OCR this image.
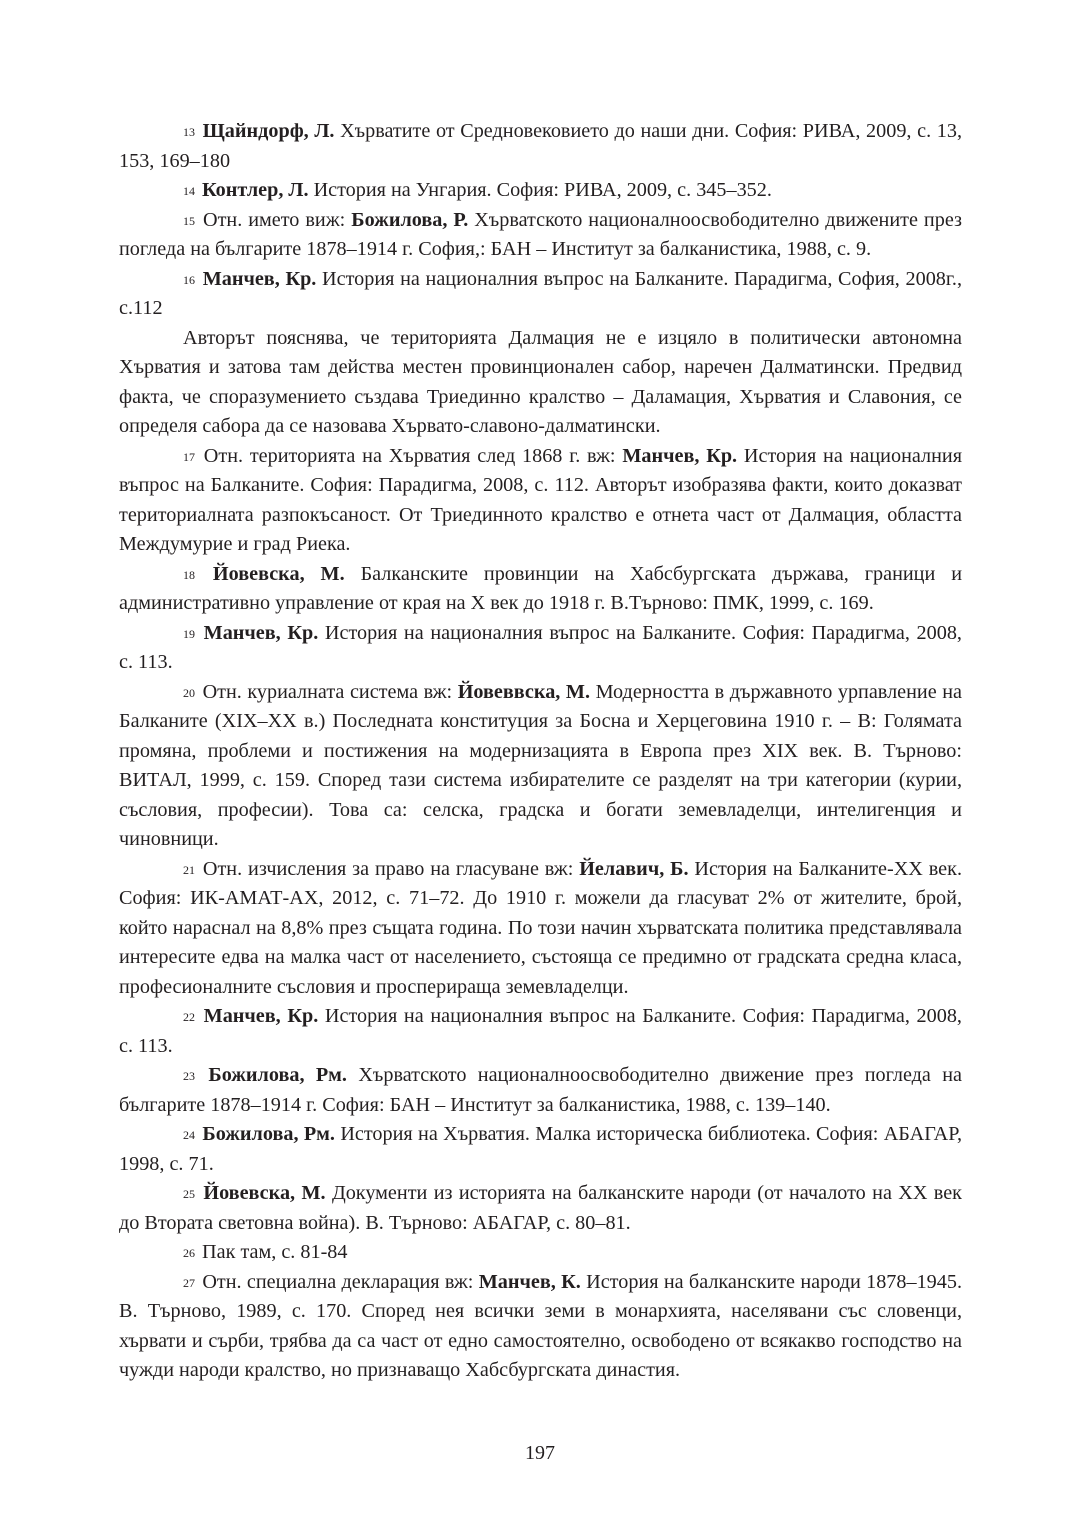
$^{13}$ Щайндорф, Л. Хърватите от Средновековието до наши дни. София: РИВА, 2009, с. 13, 153, 169–180

$^{14}$ Контлер, Л. История на Унгария. София: РИВА, 2009, с. 345–352.

$^{15}$ Отн. името виж: Божилова, Р. Хърватското националноосвободително движените през погледа на българите 1878–1914 г. София,: БАН – Институт за балканистика, 1988, с. 9.

$^{16}$ Манчев, Кр. История на националния въпрос на Балканите. Парадигма, София, 2008г., с.112

Авторът пояснява, че територията Далмация не е изцяло в политически автономна Хърватия и затова там действа местен провинционален сабор, наречен Далматински. Предвид факта, че споразумението създава Триединно кралство – Даламация, Хърватия и Славония, се определя сабора да се назовава Хървато-славоно-далматински.

$^{17}$ Отн. територията на Хърватия след 1868 г. вж: Манчев, Кр. История на националния въпрос на Балканите. София: Парадигма, 2008, с. 112. Авторът изобразява факти, които доказват териториалната разпокъсаност. От Триединното кралство е отнета част от Далмация, областта Междумурие и град Риека.

$^{18}$ Йовевска, М. Балканските провинции на Хабсбургската държава, граници и административно управление от края на X век до 1918 г. В.Търново: ПМК, 1999, с. 169.

$^{19}$ Манчев, Кр. История на националния въпрос на Балканите. София: Парадигма, 2008, с. 113.

$^{20}$ Отн. куриалната система вж: Йовеввска, М. Модерността в държавното урпавление на Балканите (XIX–XX в.) Последната конституция за Босна и Херцеговина 1910 г. – В: Голямата промяна, проблеми и постижения на модернизацията в Европа през XIX век. В. Търново: ВИТАЛ, 1999, с. 159. Според тази система избирателите се разделят на три категории (курии, съсловия, професии). Това са: селска, градска и богати земевладелци, интелигенция и чиновници.

$^{21}$ Отн. изчисления за право на гласуване вж: Йелавич, Б. История на Балканите-XX век. София: ИК-АМАТ-АХ, 2012, с. 71–72. До 1910 г. можели да гласуват 2% от жителите, брой, който нараснал на 8,8% през същата година. По този начин хърватската политика представлявала интересите едва на малка част от населението, състояща се предимно от градската средна класа, професионалните съсловия и просперираща земевладелци.

$^{22}$ Манчев, Кр. История на националния въпрос на Балканите. София: Парадигма, 2008, с. 113.

$^{23}$ Божилова, Рм. Хърватското националноосвободително движение през погледа на българите 1878–1914 г. София: БАН – Институт за балканистика, 1988, с. 139–140.

$^{24}$ Божилова, Рм. История на Хърватия. Малка историческа библиотека. София: АБАГАР, 1998, с. 71.

$^{25}$ Йовевска, М. Документи из историята на балканските народи (от началото на XX век до Втората световна война). В. Търново: АБАГАР, с. 80–81.

$^{26}$ Пак там, с. 81-84

$^{27}$ Отн. специална декларация вж: Манчев, К. История на балканските народи 1878–1945. В. Търново, 1989, с. 170. Според нея всички земи в монархията, населявани със словенци, хървати и сърби, трябва да са част от едно самостоятелно, освободено от всякакво господство на чужди народи кралство, но признаващо Хабсбургската династия.

197
